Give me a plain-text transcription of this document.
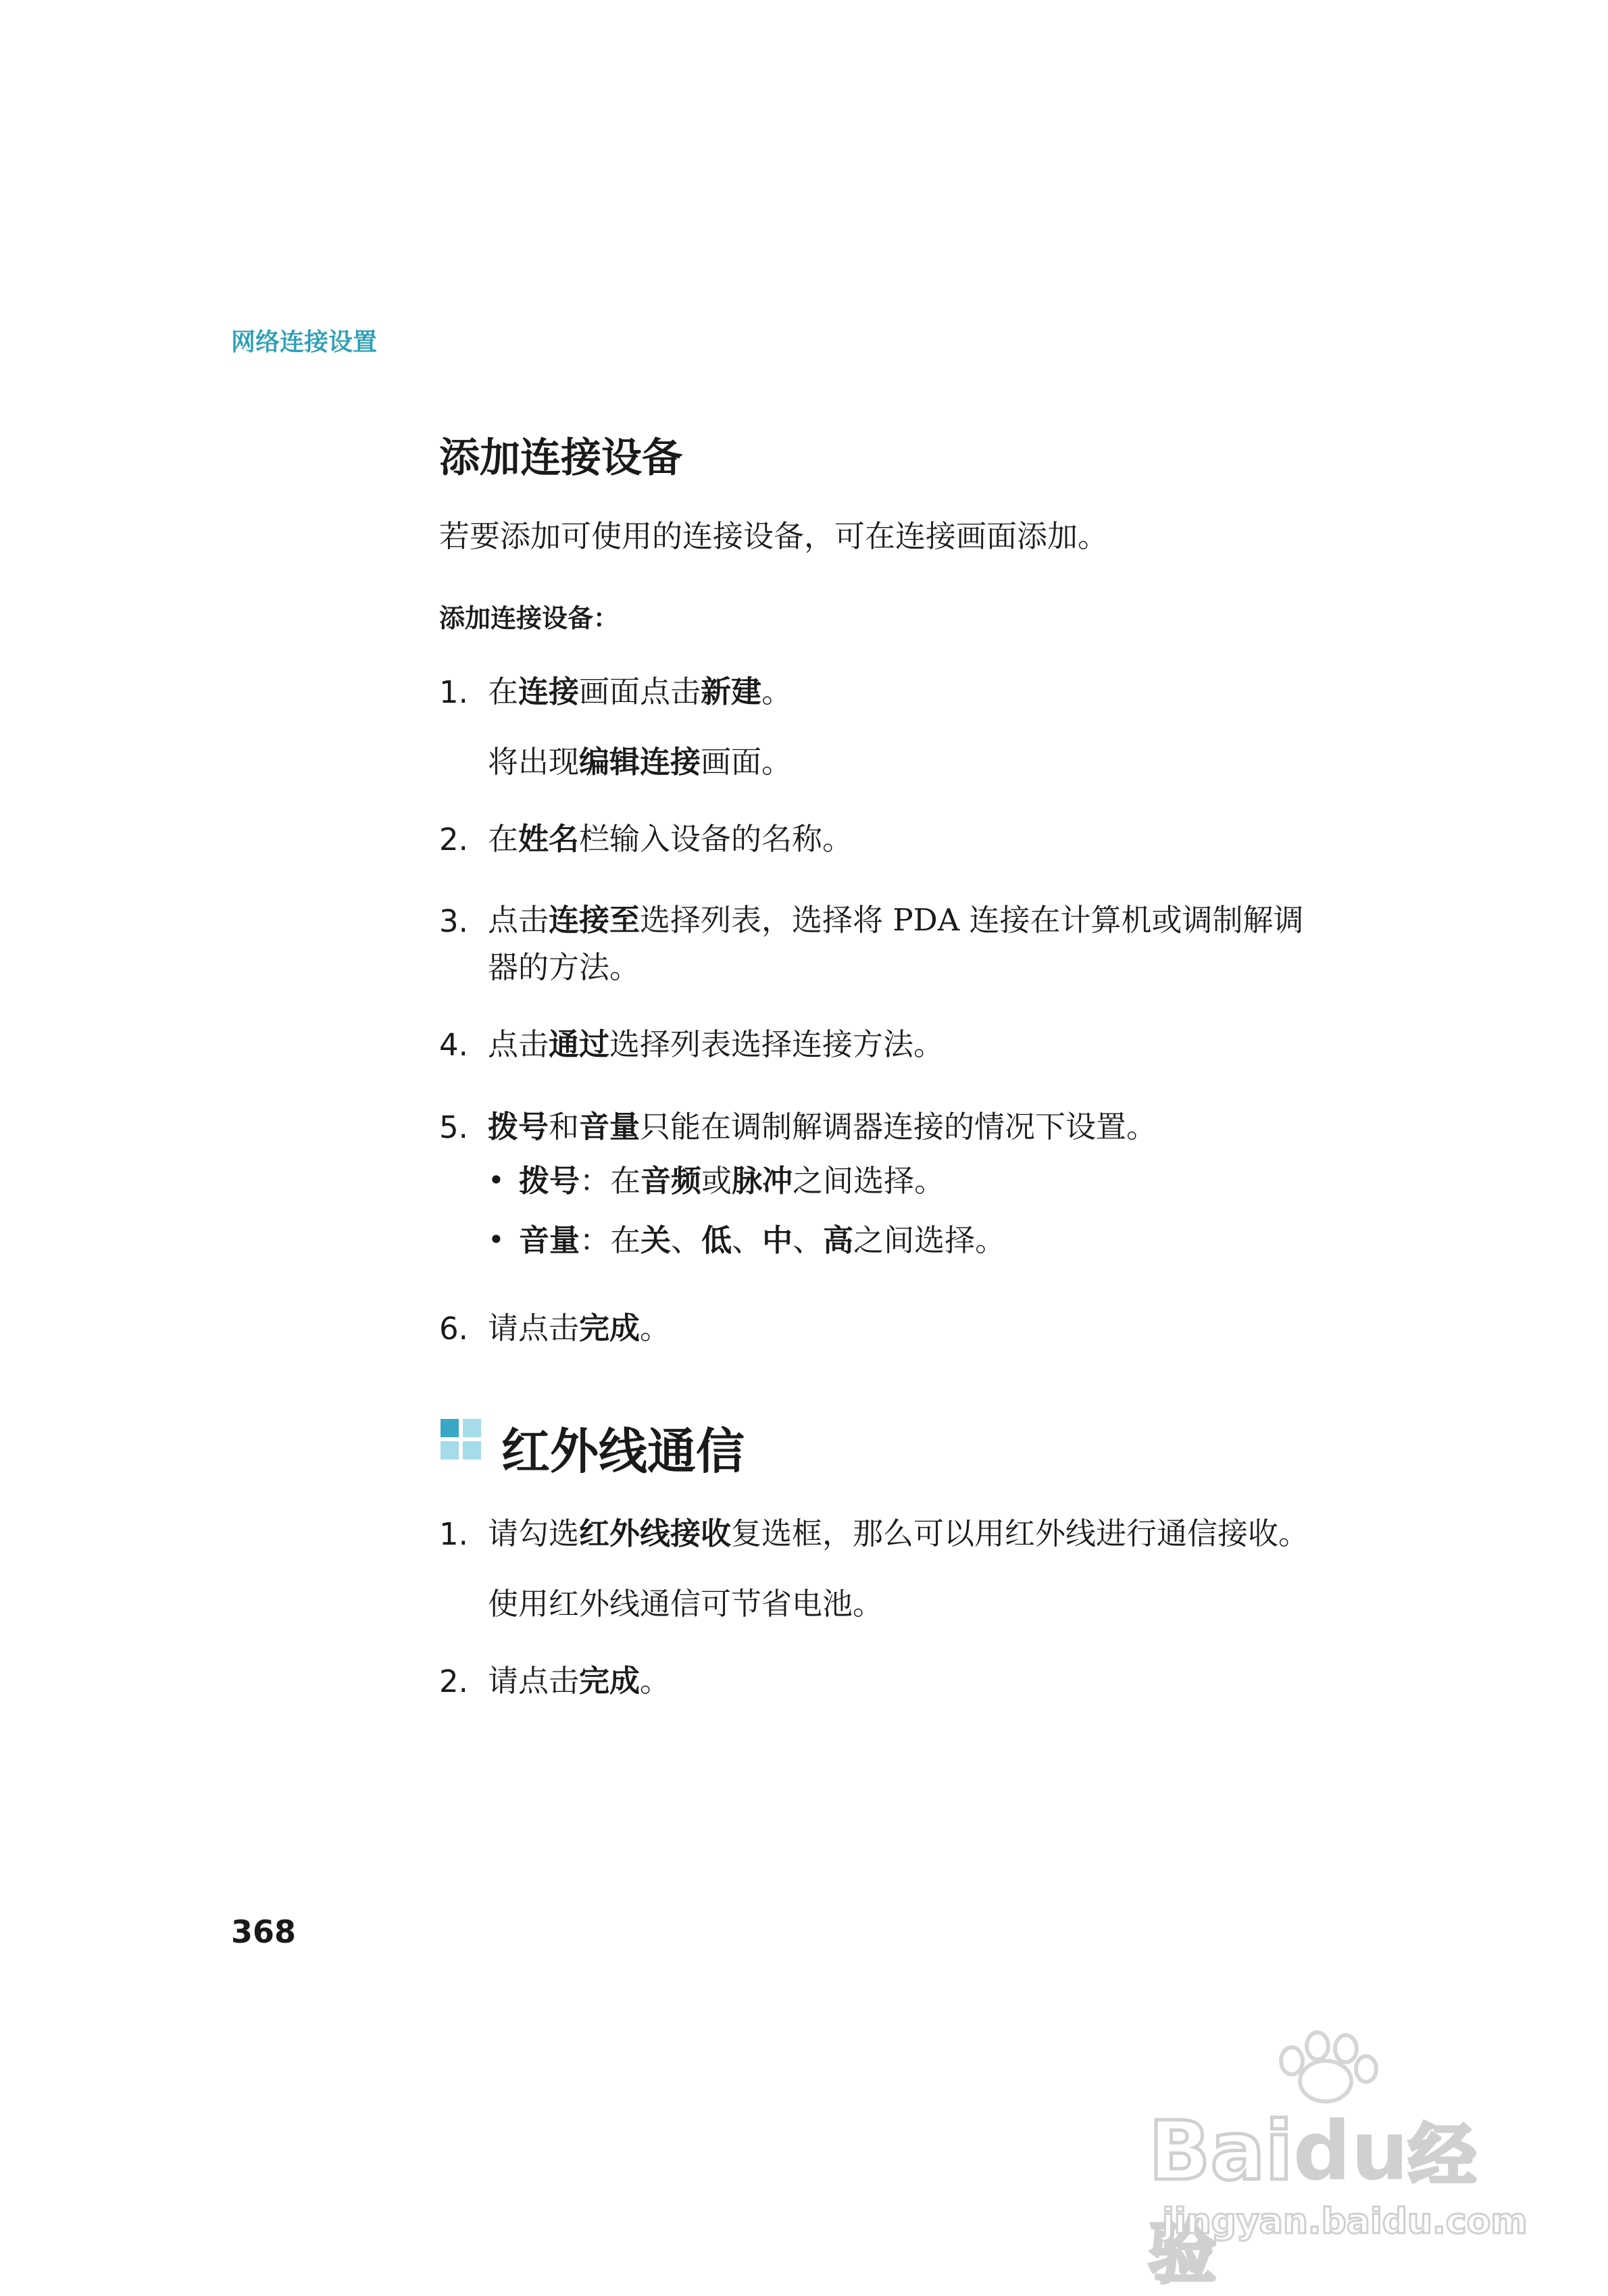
网络连接设置
添加连接设备
若要添加可使用的连接设备，可在连接画面添加。
添加连接设备：
1. 在连接画面点击新建。
将出现编辑连接画面。
2. 在姓名栏输入设备的名称。
3. 点击连接至选择列表，选择将 PDA 连接在计算机或调制解调
器的方法。
4. 点击通过选择列表选择连接方法。
5. 拨号和音量只能在调制解调器连接的情况下设置。
• 拨号：在音频或脉冲之间选择。
• 音量：在关、低、中、高之间选择。
6. 请点击完成。
红外线通信
1. 请勾选红外线接收复选框，那么可以用红外线进行通信接收。
使用红外线通信可节省电池。
2. 请点击完成。
368
Baidu经验
jingyan.baidu.com
